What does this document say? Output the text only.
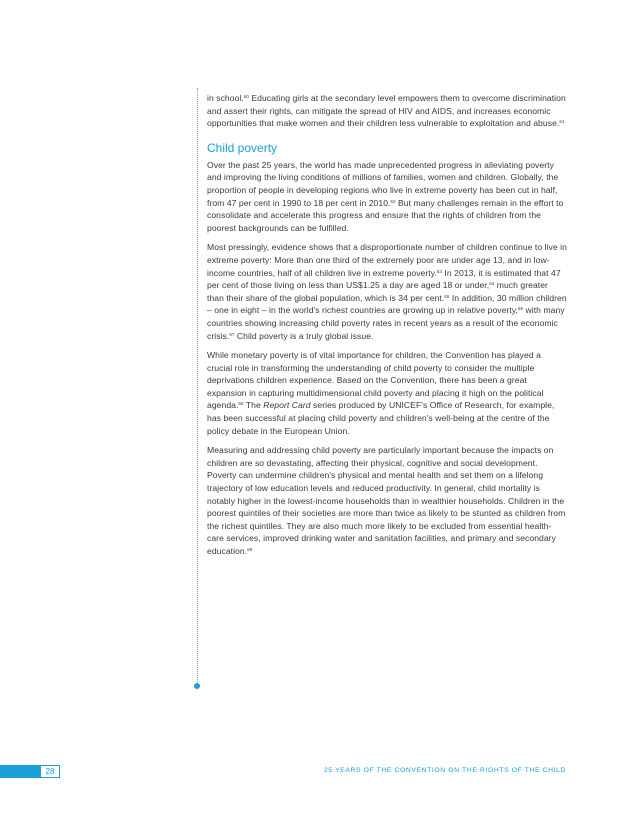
in school.$^{60}$ Educating girls at the secondary level empowers them to overcome discrimination and assert their rights, can mitigate the spread of HIV and AIDS, and increases economic opportunities that make women and their children less vulnerable to exploitation and abuse.$^{61}$

Child poverty

Over the past 25 years, the world has made unprecedented progress in alleviating poverty and improving the living conditions of millions of families, women and children. Globally, the proportion of people in developing regions who live in extreme poverty has been cut in half, from 47 per cent in 1990 to 18 per cent in 2010.62 But many challenges remain in the effort to consolidate and accelerate this progress and ensure that the rights of children from the poorest backgrounds can be fulfilled.

Most pressingly, evidence shows that a disproportionate number of children continue to live in extreme poverty: More than one third of the extremely poor are under age 13, and in low-income countries, half of all children live in extreme poverty.$^{63}$ In 2013, it is estimated that 47 per cent of those living on less than US$1.25 a day are aged 18 or under,$^{64}$ much greater than their share of the global population, which is 34 per cent.$^{65}$ In addition, 30 million children – one in eight – in the world's richest countries are growing up in relative poverty,$^{66}$ with many countries showing increasing child poverty rates in recent years as a result of the economic crisis.$^{67}$ Child poverty is a truly global issue.

While monetary poverty is of vital importance for children, the Convention has played a crucial role in transforming the understanding of child poverty to consider the multiple deprivations children experience. Based on the Convention, there has been a great expansion in capturing multidimensional child poverty and placing it high on the political agenda.$^{68}$ The Report Card series produced by UNICEF's Office of Research, for example, has been successful at placing child poverty and children's well-being at the centre of the policy debate in the European Union.

Measuring and addressing child poverty are particularly important because the impacts on children are so devastating, affecting their physical, cognitive and social development. Poverty can undermine children's physical and mental health and set them on a lifelong trajectory of low education levels and reduced productivity. In general, child mortality is notably higher in the lowest-income households than in wealthier households. Children in the poorest quintiles of their societies are more than twice as likely to be stunted as children from the richest quintiles. They are also much more likely to be excluded from essential health-care services, improved drinking water and sanitation facilities, and primary and secondary education.$^{69}$

28	25 YEARS OF THE CONVENTION ON THE RIGHTS OF THE CHILD
